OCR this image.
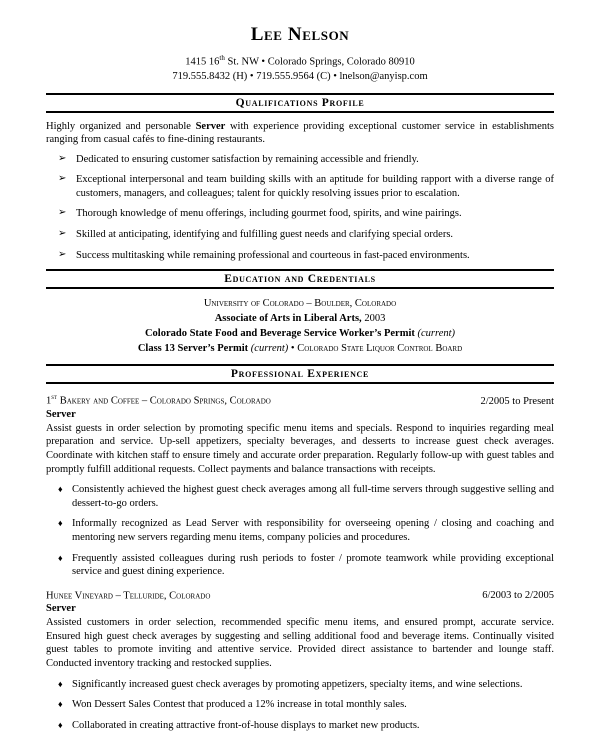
Lee Nelson
1415 16th St. NW • Colorado Springs, Colorado 80910
719.555.8432 (H) • 719.555.9564 (C) • lnelson@anyisp.com
Qualifications Profile

Highly organized and personable Server with experience providing exceptional customer service in establishments ranging from casual cafés to fine-dining restaurants.

➢ Dedicated to ensuring customer satisfaction by remaining accessible and friendly.
➢ Exceptional interpersonal and team building skills with an aptitude for building rapport with a diverse range of customers, managers, and colleagues; talent for quickly resolving issues prior to escalation.
➢ Thorough knowledge of menu offerings, including gourmet food, spirits, and wine pairings.
➢ Skilled at anticipating, identifying and fulfilling guest needs and clarifying special orders.
➢ Success multitasking while remaining professional and courteous in fast-paced environments.
Education and Credentials
University of Colorado – Boulder, Colorado
Associate of Arts in Liberal Arts, 2003
Colorado State Food and Beverage Service Worker’s Permit (current)
Class 13 Server’s Permit (current) • Colorado State Liquor Control Board
Professional Experience
1st Bakery and Coffee – Colorado Springs, Colorado	2/2005 to Present
Server
Assist guests in order selection by promoting specific menu items and specials. Respond to inquiries regarding meal preparation and service. Up-sell appetizers, specialty beverages, and desserts to increase guest check averages. Coordinate with kitchen staff to ensure timely and accurate order preparation. Regularly follow-up with guest tables and promptly fulfill additional requests. Collect payments and balance transactions with receipts.
♦ Consistently achieved the highest guest check averages among all full-time servers through suggestive selling and dessert-to-go orders.
♦ Informally recognized as Lead Server with responsibility for overseeing opening / closing and coaching and mentoring new servers regarding menu items, company policies and procedures.
♦ Frequently assisted colleagues during rush periods to foster / promote teamwork while providing exceptional service and guest dining experience.
Hunee Vineyard – Telluride, Colorado	6/2003 to 2/2005
Server
Assisted customers in order selection, recommended specific menu items, and ensured prompt, accurate service. Ensured high guest check averages by suggesting and selling additional food and beverage items. Continually visited guest tables to promote inviting and attentive service. Provided direct assistance to bartender and lounge staff. Conducted inventory tracking and restocked supplies.
♦ Significantly increased guest check averages by promoting appetizers, specialty items, and wine selections.
♦ Won Dessert Sales Contest that produced a 12% increase in total monthly sales.
♦ Collaborated in creating attractive front-of-house displays to market new products.
